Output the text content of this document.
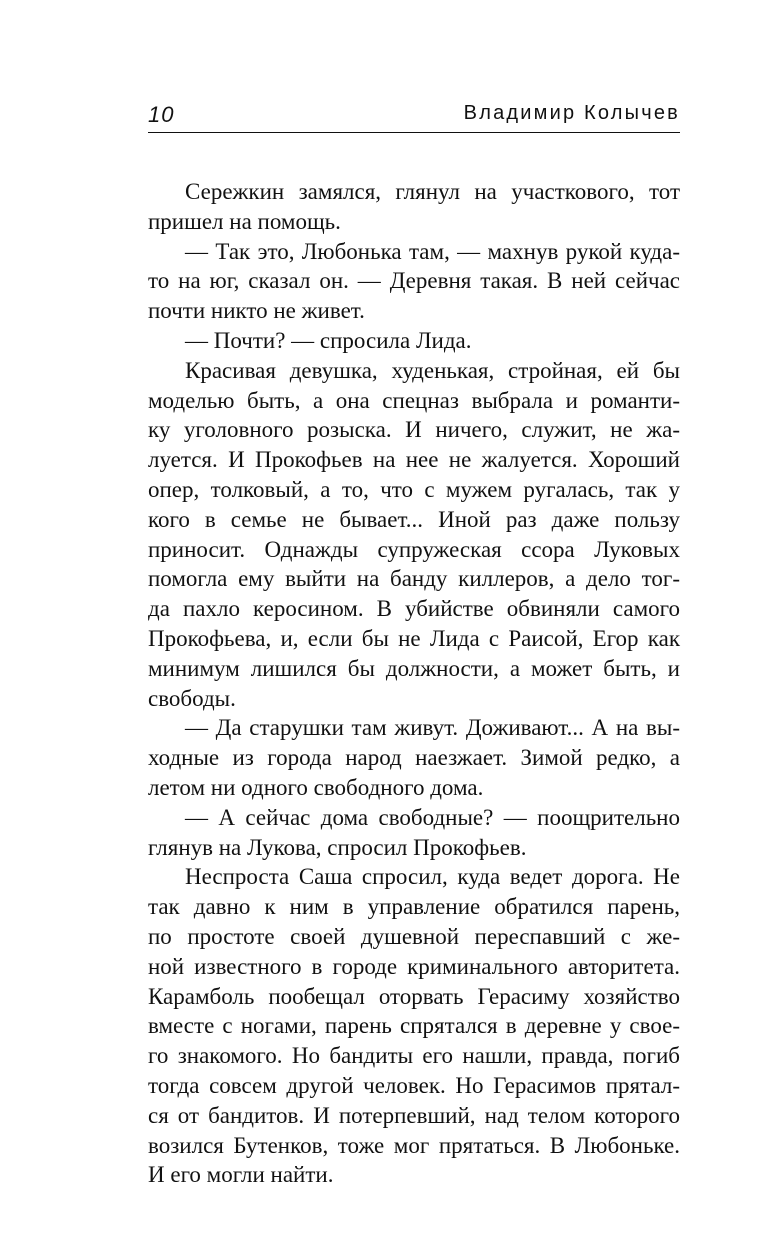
10	Владимир Колычев
Сережкин замялся, глянул на участкового, тот
пришел на помощь.
— Так это, Любонька там, — махнув рукой куда-
то на юг, сказал он. — Деревня такая. В ней сейчас
почти никто не живет.
— Почти? — спросила Лида.
Красивая девушка, худенькая, стройная, ей бы
моделью быть, а она спецназ выбрала и романти-
ку уголовного розыска. И ничего, служит, не жа-
луется. И Прокофьев на нее не жалуется. Хороший
опер, толковый, а то, что с мужем ругалась, так у
кого в семье не бывает... Иной раз даже пользу
приносит. Однажды супружеская ссора Луковых
помогла ему выйти на банду киллеров, а дело тог-
да пахло керосином. В убийстве обвиняли самого
Прокофьева, и, если бы не Лида с Раисой, Егор как
минимум лишился бы должности, а может быть, и
свободы.
— Да старушки там живут. Доживают... А на вы-
ходные из города народ наезжает. Зимой редко, а
летом ни одного свободного дома.
— А сейчас дома свободные? — поощрительно
глянув на Лукова, спросил Прокофьев.
Неспроста Саша спросил, куда ведет дорога. Не
так давно к ним в управление обратился парень,
по простоте своей душевной переспавший с же-
ной известного в городе криминального авторитета.
Карамболь пообещал оторвать Герасиму хозяйство
вместе с ногами, парень спрятался в деревне у свое-
го знакомого. Но бандиты его нашли, правда, погиб
тогда совсем другой человек. Но Герасимов прятал-
ся от бандитов. И потерпевший, над телом которого
возился Бутенков, тоже мог прятаться. В Любоньке.
И его могли найти.
